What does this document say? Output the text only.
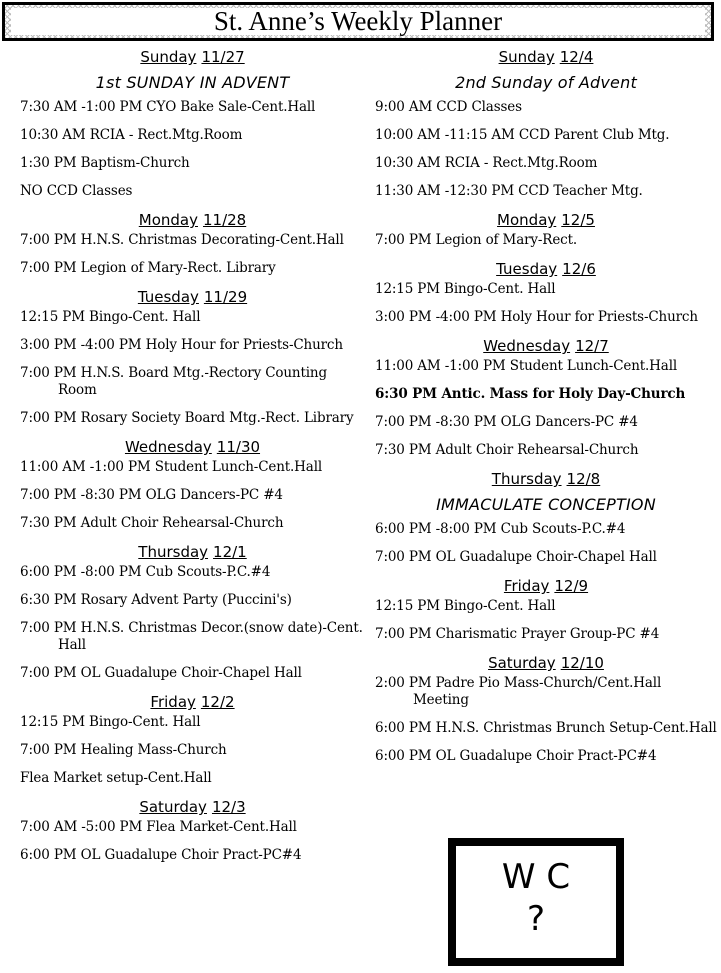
St. Anne’s Weekly Planner
Sunday 11/27
1st SUNDAY IN ADVENT
7:30 AM -1:00 PM CYO Bake Sale-Cent.Hall
10:30 AM RCIA - Rect.Mtg.Room
1:30 PM Baptism-Church
NO CCD Classes
Monday 11/28
7:00 PM H.N.S. Christmas Decorating-Cent.Hall
7:00 PM Legion of Mary-Rect. Library
Tuesday 11/29
12:15 PM Bingo-Cent. Hall
3:00 PM -4:00 PM Holy Hour for Priests-Church
7:00 PM H.N.S. Board Mtg.-Rectory Counting Room
7:00 PM Rosary Society Board Mtg.-Rect. Library
Wednesday 11/30
11:00 AM -1:00 PM Student Lunch-Cent.Hall
7:00 PM -8:30 PM OLG Dancers-PC #4
7:30 PM Adult Choir Rehearsal-Church
Thursday 12/1
6:00 PM -8:00 PM Cub Scouts-P.C.#4
6:30 PM Rosary Advent Party (Puccini's)
7:00 PM H.N.S. Christmas Decor.(snow date)-Cent. Hall
7:00 PM OL Guadalupe Choir-Chapel Hall
Friday 12/2
12:15 PM Bingo-Cent. Hall
7:00 PM Healing Mass-Church
Flea Market setup-Cent.Hall
Saturday 12/3
7:00 AM -5:00 PM Flea Market-Cent.Hall
6:00 PM OL Guadalupe Choir Pract-PC#4
Sunday 12/4
2nd Sunday of Advent
9:00 AM CCD Classes
10:00 AM -11:15 AM CCD Parent Club Mtg.
10:30 AM RCIA - Rect.Mtg.Room
11:30 AM -12:30 PM CCD Teacher Mtg.
Monday 12/5
7:00 PM Legion of Mary-Rect.
Tuesday 12/6
12:15 PM Bingo-Cent. Hall
3:00 PM -4:00 PM Holy Hour for Priests-Church
Wednesday 12/7
11:00 AM -1:00 PM Student Lunch-Cent.Hall
6:30 PM Antic. Mass for Holy Day-Church
7:00 PM -8:30 PM OLG Dancers-PC #4
7:30 PM Adult Choir Rehearsal-Church
Thursday 12/8
IMMACULATE CONCEPTION
6:00 PM -8:00 PM Cub Scouts-P.C.#4
7:00 PM OL Guadalupe Choir-Chapel Hall
Friday 12/9
12:15 PM Bingo-Cent. Hall
7:00 PM Charismatic Prayer Group-PC #4
Saturday 12/10
2:00 PM Padre Pio Mass-Church/Cent.Hall Meeting
6:00 PM H.N.S. Christmas Brunch Setup-Cent.Hall
6:00 PM OL Guadalupe Choir Pract-PC#4
W C
?
